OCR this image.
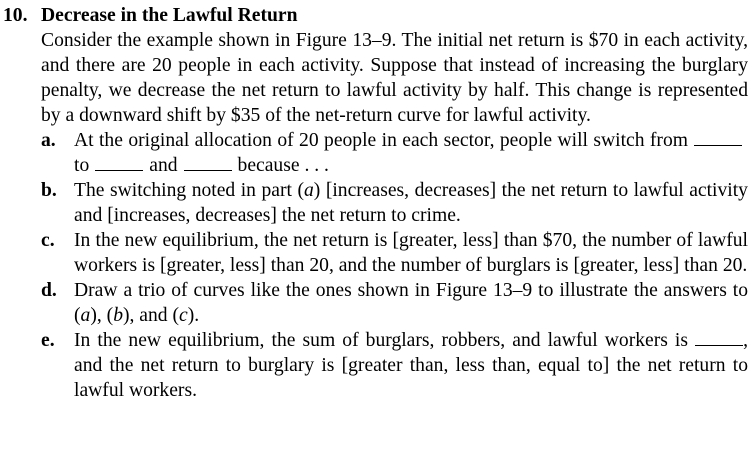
10. Decrease in the Lawful Return
Consider the example shown in Figure 13–9. The initial net return is $70 in each activity, and there are 20 people in each activity. Suppose that instead of increasing the burglary penalty, we decrease the net return to lawful activity by half. This change is represented by a downward shift by $35 of the net-return curve for lawful activity.
a. At the original allocation of 20 people in each sector, people will switch fromto	and	because . . .
b. The switching noted in part (a) [increases, decreases] the net return to lawful activity and [increases, decreases] the net return to crime.
c. In the new equilibrium, the net return is [greater, less] than $70, the number of lawful workers is [greater, less] than 20, and the number of burglars is [greater, less] than 20.
d. Draw a trio of curves like the ones shown in Figure 13–9 to illustrate the answers to (a), (b), and (c).
e. In the new equilibrium, the sum of burglars, robbers, and lawful workers is	, and the net return to burglary is [greater than, less than, equal to] the net return to lawful workers.
